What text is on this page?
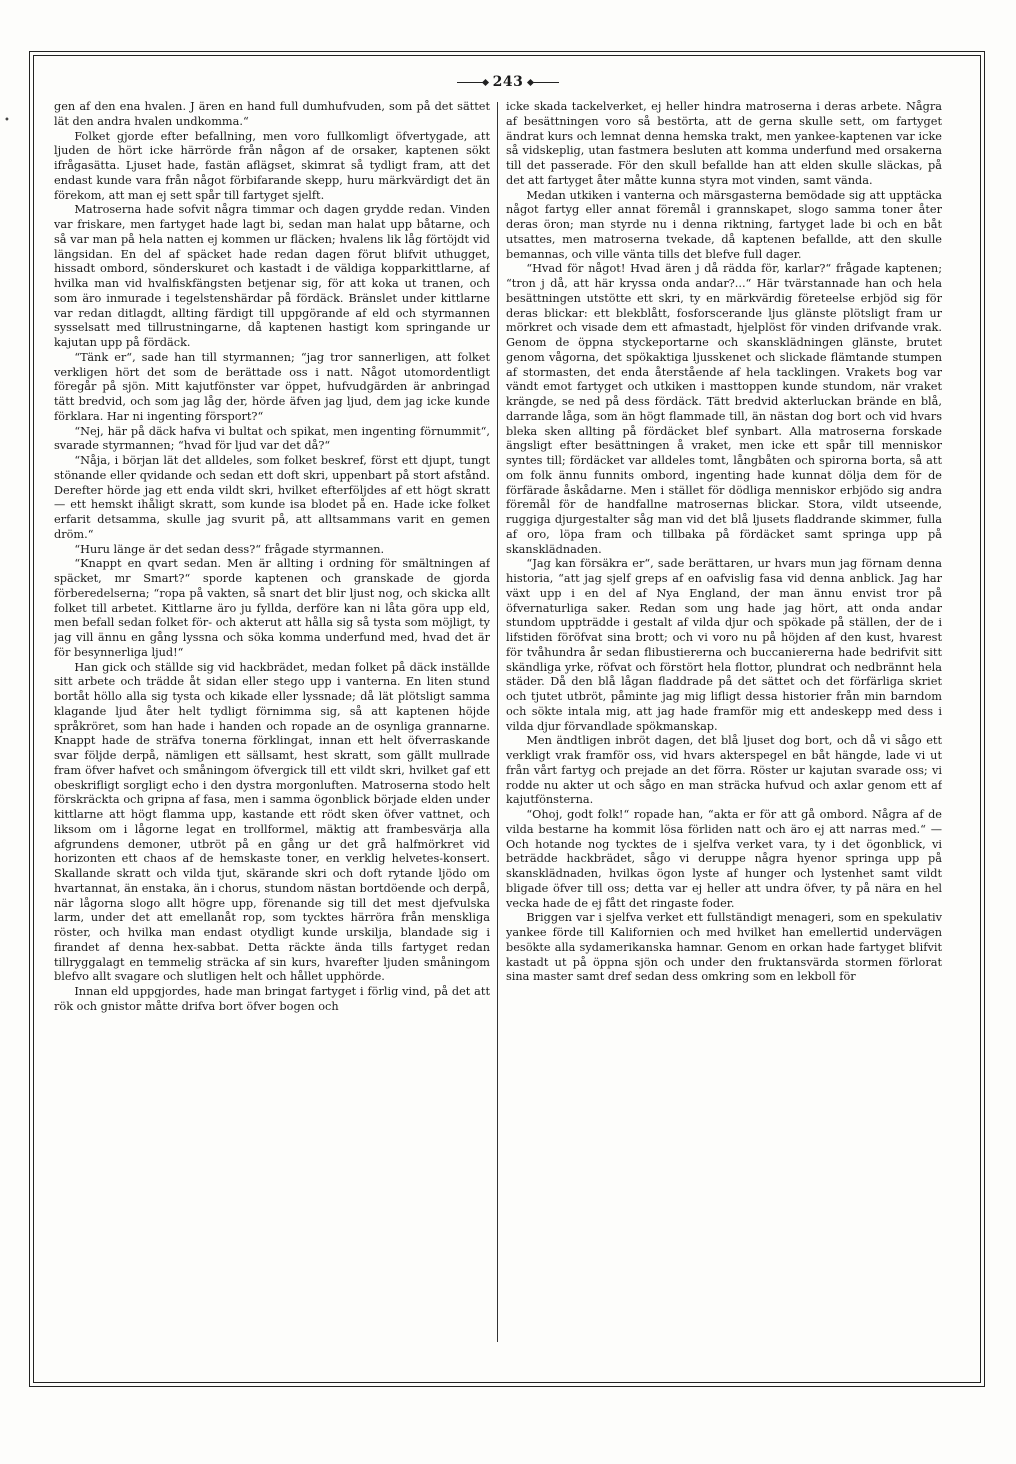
•
243

gen af den ena hvalen. J ären en hand full dumhufvuden, som på det sättet lät den andra hvalen undkomma.“

Folket gjorde efter befallning, men voro fullkomligt öfvertygade, att ljuden de hört icke härrörde från någon af de orsaker, kaptenen sökt ifrågasätta. Ljuset hade, fastän aflägset, skimrat så tydligt fram, att det endast kunde vara från något förbifarande skepp, huru märkvärdigt det än förekom, att man ej sett spår till fartyget sjelft.

Matroserna hade sofvit några timmar och dagen grydde redan. Vinden var friskare, men fartyget hade lagt bi, sedan man halat upp båtarne, och så var man på hela natten ej kommen ur fläcken; hvalens lik låg förtöjdt vid längsidan. En del af späcket hade redan dagen förut blifvit uthugget, hissadt ombord, sönderskuret och kastadt i de väldiga kopparkittlarne, af hvilka man vid hvalfiskfängsten betjenar sig, för att koka ut tranen, och som äro inmurade i tegelstenshärdar på fördäck. Bränslet under kittlarne var redan ditlagdt, allting färdigt till uppgörande af eld och styrmannen sysselsatt med tillrustningarne, då kaptenen hastigt kom springande ur kajutan upp på fördäck.

“Tänk er“, sade han till styrmannen; “jag tror sannerligen, att folket verkligen hört det som de berättade oss i natt. Något utomordentligt föregår på sjön. Mitt kajutfönster var öppet, hufvudgärden är anbringad tätt bredvid, och som jag låg der, hörde äfven jag ljud, dem jag icke kunde förklara. Har ni ingenting försport?“

“Nej, här på däck hafva vi bultat och spikat, men ingenting förnummit“, svarade styrmannen; “hvad för ljud var det då?“

“Nåja, i början lät det alldeles, som folket beskref, först ett djupt, tungt stönande eller qvidande och sedan ett doft skri, uppenbart på stort afstånd. Derefter hörde jag ett enda vildt skri, hvilket efterföljdes af ett högt skratt — ett hemskt ihåligt skratt, som kunde isa blodet på en. Hade icke folket erfarit detsamma, skulle jag svurit på, att alltsammans varit en gemen dröm.“

“Huru länge är det sedan dess?“ frågade styrmannen.

“Knappt en qvart sedan. Men är allting i ordning för smältningen af späcket, mr Smart?“ sporde kaptenen och granskade de gjorda förberedelserna; “ropa på vakten, så snart det blir ljust nog, och skicka allt folket till arbetet. Kittlarne äro ju fyllda, derföre kan ni låta göra upp eld, men befall sedan folket för- och akterut att hålla sig så tysta som möjligt, ty jag vill ännu en gång lyssna och söka komma underfund med, hvad det är för besynnerliga ljud!“

Han gick och ställde sig vid hackbrädet, medan folket på däck inställde sitt arbete och trädde åt sidan eller stego upp i vanterna. En liten stund bortåt höllo alla sig tysta och kikade eller lyssnade; då lät plötsligt samma klagande ljud åter helt tydligt förnimma sig, så att kaptenen höjde språkröret, som han hade i handen och ropade an de osynliga grannarne. Knappt hade de sträfva tonerna förklingat, innan ett helt öfverraskande svar följde derpå, nämligen ett sällsamt, hest skratt, som gällt mullrade fram öfver hafvet och småningom öfvergick till ett vildt skri, hvilket gaf ett obeskrifligt sorgligt echo i den dystra morgonluften. Matroserna stodo helt förskräckta och gripna af fasa, men i samma ögonblick började elden under kittlarne att högt flamma upp, kastande ett rödt sken öfver vattnet, och liksom om i lågorne legat en trollformel, mäktig att frambesvärja alla afgrundens demoner, utbröt på en gång ur det grå halfmörkret vid horizonten ett chaos af de hemskaste toner, en verklig helvetes-konsert. Skallande skratt och vilda tjut, skärande skri och doft rytande ljödo om hvartannat, än enstaka, än i chorus, stundom nästan bortdöende och derpå, när lågorna slogo allt högre upp, förenande sig till det mest djefvulska larm, under det att emellanåt rop, som tycktes härröra från menskliga röster, och hvilka man endast otydligt kunde urskilja, blandade sig i firandet af denna hex-sabbat. Detta räckte ända tills fartyget redan tillryggalagt en temmelig sträcka af sin kurs, hvarefter ljuden småningom blefvo allt svagare och slutligen helt och hållet upphörde.

Innan eld uppgjordes, hade man bringat fartyget i förlig vind, på det att rök och gnistor måtte drifva bort öfver bogen och

icke skada tackelverket, ej heller hindra matroserna i deras arbete. Några af besättningen voro så bestörta, att de gerna skulle sett, om fartyget ändrat kurs och lemnat denna hemska trakt, men yankee-kaptenen var icke så vidskeplig, utan fastmera besluten att komma underfund med orsakerna till det passerade. För den skull befallde han att elden skulle släckas, på det att fartyget åter måtte kunna styra mot vinden, samt vända.

Medan utkiken i vanterna och märsgasterna bemödade sig att upptäcka något fartyg eller annat föremål i grannskapet, slogo samma toner åter deras öron; man styrde nu i denna riktning, fartyget lade bi och en båt utsattes, men matroserna tvekade, då kaptenen befallde, att den skulle bemannas, och ville vänta tills det blefve full dager.

“Hvad för något! Hvad ären j då rädda för, karlar?“ frågade kaptenen; “tron j då, att här kryssa onda andar?...“ Här tvärstannade han och hela besättningen utstötte ett skri, ty en märkvärdig företeelse erbjöd sig för deras blickar: ett blekblått, fosforscerande ljus glänste plötsligt fram ur mörkret och visade dem ett afmastadt, hjelplöst för vinden drifvande vrak. Genom de öppna styckeportarne och skansklädningen glänste, brutet genom vågorna, det spökaktiga ljusskenet och slickade flämtande stumpen af stormasten, det enda återstående af hela tacklingen. Vrakets bog var vändt emot fartyget och utkiken i masttoppen kunde stundom, när vraket krängde, se ned på dess fördäck. Tätt bredvid akterluckan brände en blå, darrande låga, som än högt flammade till, än nästan dog bort och vid hvars bleka sken allting på fördäcket blef synbart. Alla matroserna forskade ängsligt efter besättningen å vraket, men icke ett spår till menniskor syntes till; fördäcket var alldeles tomt, långbåten och spirorna borta, så att om folk ännu funnits ombord, ingenting hade kunnat dölja dem för de förfärade åskådarne. Men i stället för dödliga menniskor erbjödo sig andra föremål för de handfallne matrosernas blickar. Stora, vildt utseende, ruggiga djurgestalter såg man vid det blå ljusets fladdrande skimmer, fulla af oro, löpa fram och tillbaka på fördäcket samt springa upp på skansklädnaden.

“Jag kan försäkra er“, sade berättaren, ur hvars mun jag förnam denna historia, “att jag sjelf greps af en oafvislig fasa vid denna anblick. Jag har växt upp i en del af Nya England, der man ännu envist tror på öfvernaturliga saker. Redan som ung hade jag hört, att onda andar stundom uppträdde i gestalt af vilda djur och spökade på ställen, der de i lifstiden föröfvat sina brott; och vi voro nu på höjden af den kust, hvarest för tvåhundra år sedan flibustiererna och buccaniererna hade bedrifvit sitt skändliga yrke, röfvat och förstört hela flottor, plundrat och nedbrännt hela städer. Då den blå lågan fladdrade på det sättet och det förfärliga skriet och tjutet utbröt, påminte jag mig lifligt dessa historier från min barndom och sökte intala mig, att jag hade framför mig ett andeskepp med dess i vilda djur förvandlade spökmanskap.

Men ändtligen inbröt dagen, det blå ljuset dog bort, och då vi sågo ett verkligt vrak framför oss, vid hvars akterspegel en båt hängde, lade vi ut från vårt fartyg och prejade an det förra. Röster ur kajutan svarade oss; vi rodde nu akter ut och sågo en man sträcka hufvud och axlar genom ett af kajutfönsterna.

“Ohoj, godt folk!“ ropade han, “akta er för att gå ombord. Några af de vilda bestarne ha kommit lösa förliden natt och äro ej att narras med.“ — Och hotande nog tycktes de i sjelfva verket vara, ty i det ögonblick, vi beträdde hackbrädet, sågo vi deruppe några hyenor springa upp på skansklädnaden, hvilkas ögon lyste af hunger och lystenhet samt vildt bligade öfver till oss; detta var ej heller att undra öfver, ty på nära en hel vecka hade de ej fått det ringaste foder.

Briggen var i sjelfva verket ett fullständigt menageri, som en spekulativ yankee förde till Kalifornien och med hvilket han emellertid undervägen besökte alla sydamerikanska hamnar. Genom en orkan hade fartyget blifvit kastadt ut på öppna sjön och under den fruktansvärda stormen förlorat sina master samt dref sedan dess omkring som en lekboll för
